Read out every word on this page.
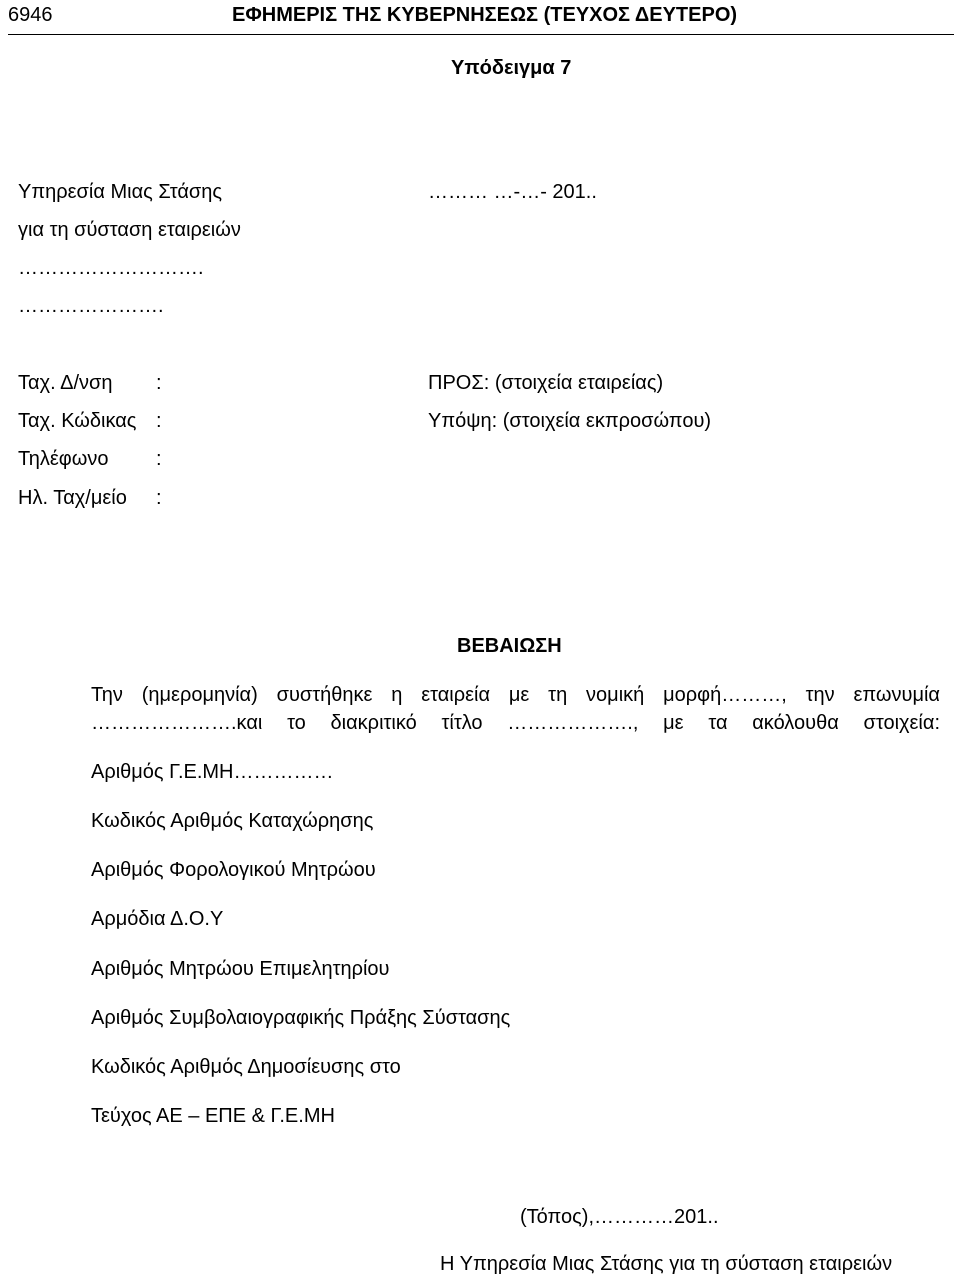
6946	ΕΦΗΜΕΡΙΣ ΤΗΣ ΚΥΒΕΡΝΗΣΕΩΣ (ΤΕΥΧΟΣ ΔΕΥΤΕΡΟ)
Υπόδειγμα 7
Υπηρεσία Μιας Στάσης	……… …-…- 201..
για τη σύσταση εταιρειών
……………………….
………………….
Ταχ. Δ/νση :
Ταχ. Κώδικας :
Τηλέφωνο :
Ηλ. Ταχ/μείο :
ΠΡΟΣ: (στοιχεία εταιρείας)
Υπόψη: (στοιχεία εκπροσώπου)
ΒΕΒΑΙΩΣΗ
Την (ημερομηνία) συστήθηκε η εταιρεία με τη νομική μορφή………, την επωνυμία
………………….και το διακριτικό τίτλο ………………., με τα ακόλουθα στοιχεία:
Αριθμός Γ.Ε.ΜΗ……………
Κωδικός Αριθμός Καταχώρησης
Αριθμός Φορολογικού Μητρώου
Αρμόδια Δ.Ο.Υ
Αριθμός Μητρώου Επιμελητηρίου
Αριθμός Συμβολαιογραφικής Πράξης Σύστασης
Κωδικός Αριθμός Δημοσίευσης στο
Τεύχος ΑΕ – ΕΠΕ & Γ.Ε.ΜΗ
(Τόπος),…………201..
Η Υπηρεσία Μιας Στάσης για τη σύσταση εταιρειών
